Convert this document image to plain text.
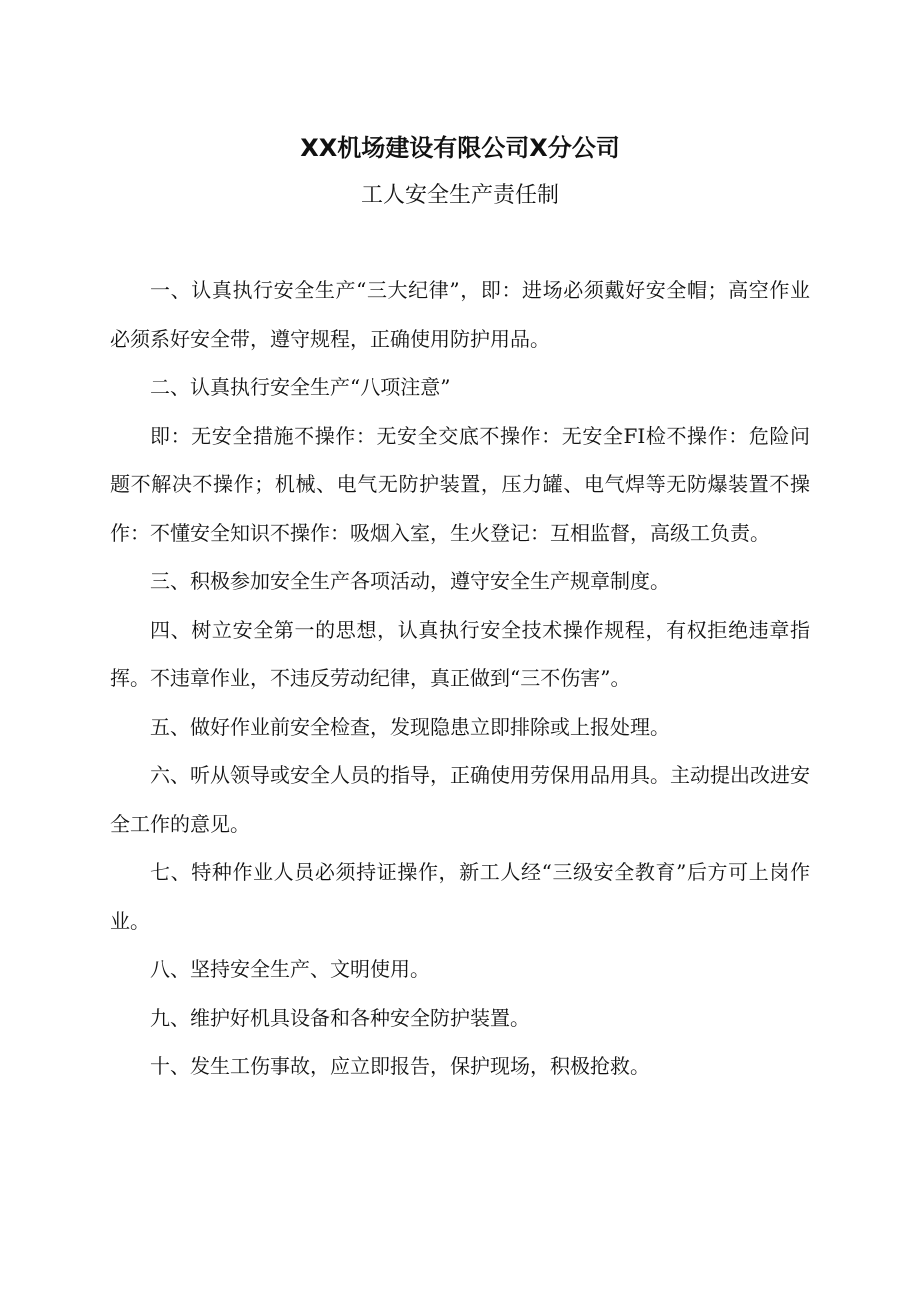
XX机场建设有限公司X分公司
工人安全生产责任制

一、认真执行安全生产“三大纪律”，即：进场必须戴好安全帽；高空作业必须系好安全带，遵守规程，正确使用防护用品。

二、认真执行安全生产“八项注意”

即：无安全措施不操作：无安全交底不操作：无安全FI检不操作：危险问题不解决不操作；机械、电气无防护装置，压力罐、电气焊等无防爆装置不操作：不懂安全知识不操作：吸烟入室，生火登记：互相监督，高级工负责。

三、积极参加安全生产各项活动，遵守安全生产规章制度。

四、树立安全第一的思想，认真执行安全技术操作规程，有权拒绝违章指挥。不违章作业，不违反劳动纪律，真正做到“三不伤害”。

五、做好作业前安全检查，发现隐患立即排除或上报处理。

六、听从领导或安全人员的指导，正确使用劳保用品用具。主动提出改进安全工作的意见。

七、特种作业人员必须持证操作，新工人经“三级安全教育”后方可上岗作业。

八、坚持安全生产、文明使用。

九、维护好机具设备和各种安全防护装置。

十、发生工伤事故，应立即报告，保护现场，积极抢救。
